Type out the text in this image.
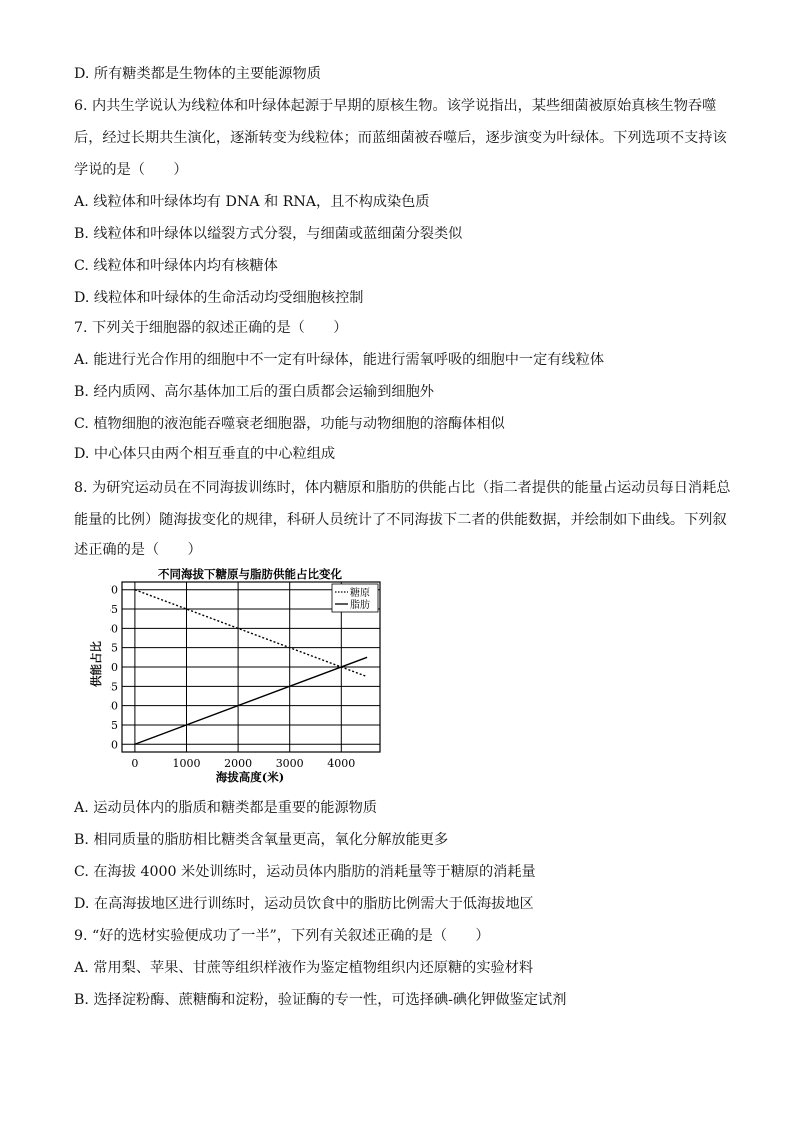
D. 所有糖类都是生物体的主要能源物质
6. 内共生学说认为线粒体和叶绿体起源于早期的原核生物。该学说指出，某些细菌被原始真核生物吞噬
后，经过长期共生演化，逐渐转变为线粒体；而蓝细菌被吞噬后，逐步演变为叶绿体。下列选项不支持该
学说的是（　　）
A. 线粒体和叶绿体均有 DNA 和 RNA，且不构成染色质
B. 线粒体和叶绿体以缢裂方式分裂，与细菌或蓝细菌分裂类似
C. 线粒体和叶绿体内均有核糖体
D. 线粒体和叶绿体的生命活动均受细胞核控制
7. 下列关于细胞器的叙述正确的是（　　）
A. 能进行光合作用的细胞中不一定有叶绿体，能进行需氧呼吸的细胞中一定有线粒体
B. 经内质网、高尔基体加工后的蛋白质都会运输到细胞外
C. 植物细胞的液泡能吞噬衰老细胞器，功能与动物细胞的溶酶体相似
D. 中心体只由两个相互垂直的中心粒组成
8. 为研究运动员在不同海拔训练时，体内糖原和脂肪的供能占比（指二者提供的能量占运动员每日消耗总
能量的比例）随海拔变化的规律，科研人员统计了不同海拔下二者的供能数据，并绘制如下曲线。下列叙
述正确的是（　　）
不同海拔下糖原与脂肪供能占比变化
0
5
0
5
0
5
0
5
0
0	1000 2000 3000 4000
海拔高度(米)
糖原
脂肪
供能占比
A. 运动员体内的脂质和糖类都是重要的能源物质
B. 相同质量的脂肪相比糖类含氧量更高，氧化分解放能更多
C. 在海拔 4000 米处训练时，运动员体内脂肪的消耗量等于糖原的消耗量
D. 在高海拔地区进行训练时，运动员饮食中的脂肪比例需大于低海拔地区
9. “好的选材实验便成功了一半”，下列有关叙述正确的是（　　）
A. 常用梨、苹果、甘蔗等组织样液作为鉴定植物组织内还原糖的实验材料
B. 选择淀粉酶、蔗糖酶和淀粉，验证酶的专一性，可选择碘-碘化钾做鉴定试剂
